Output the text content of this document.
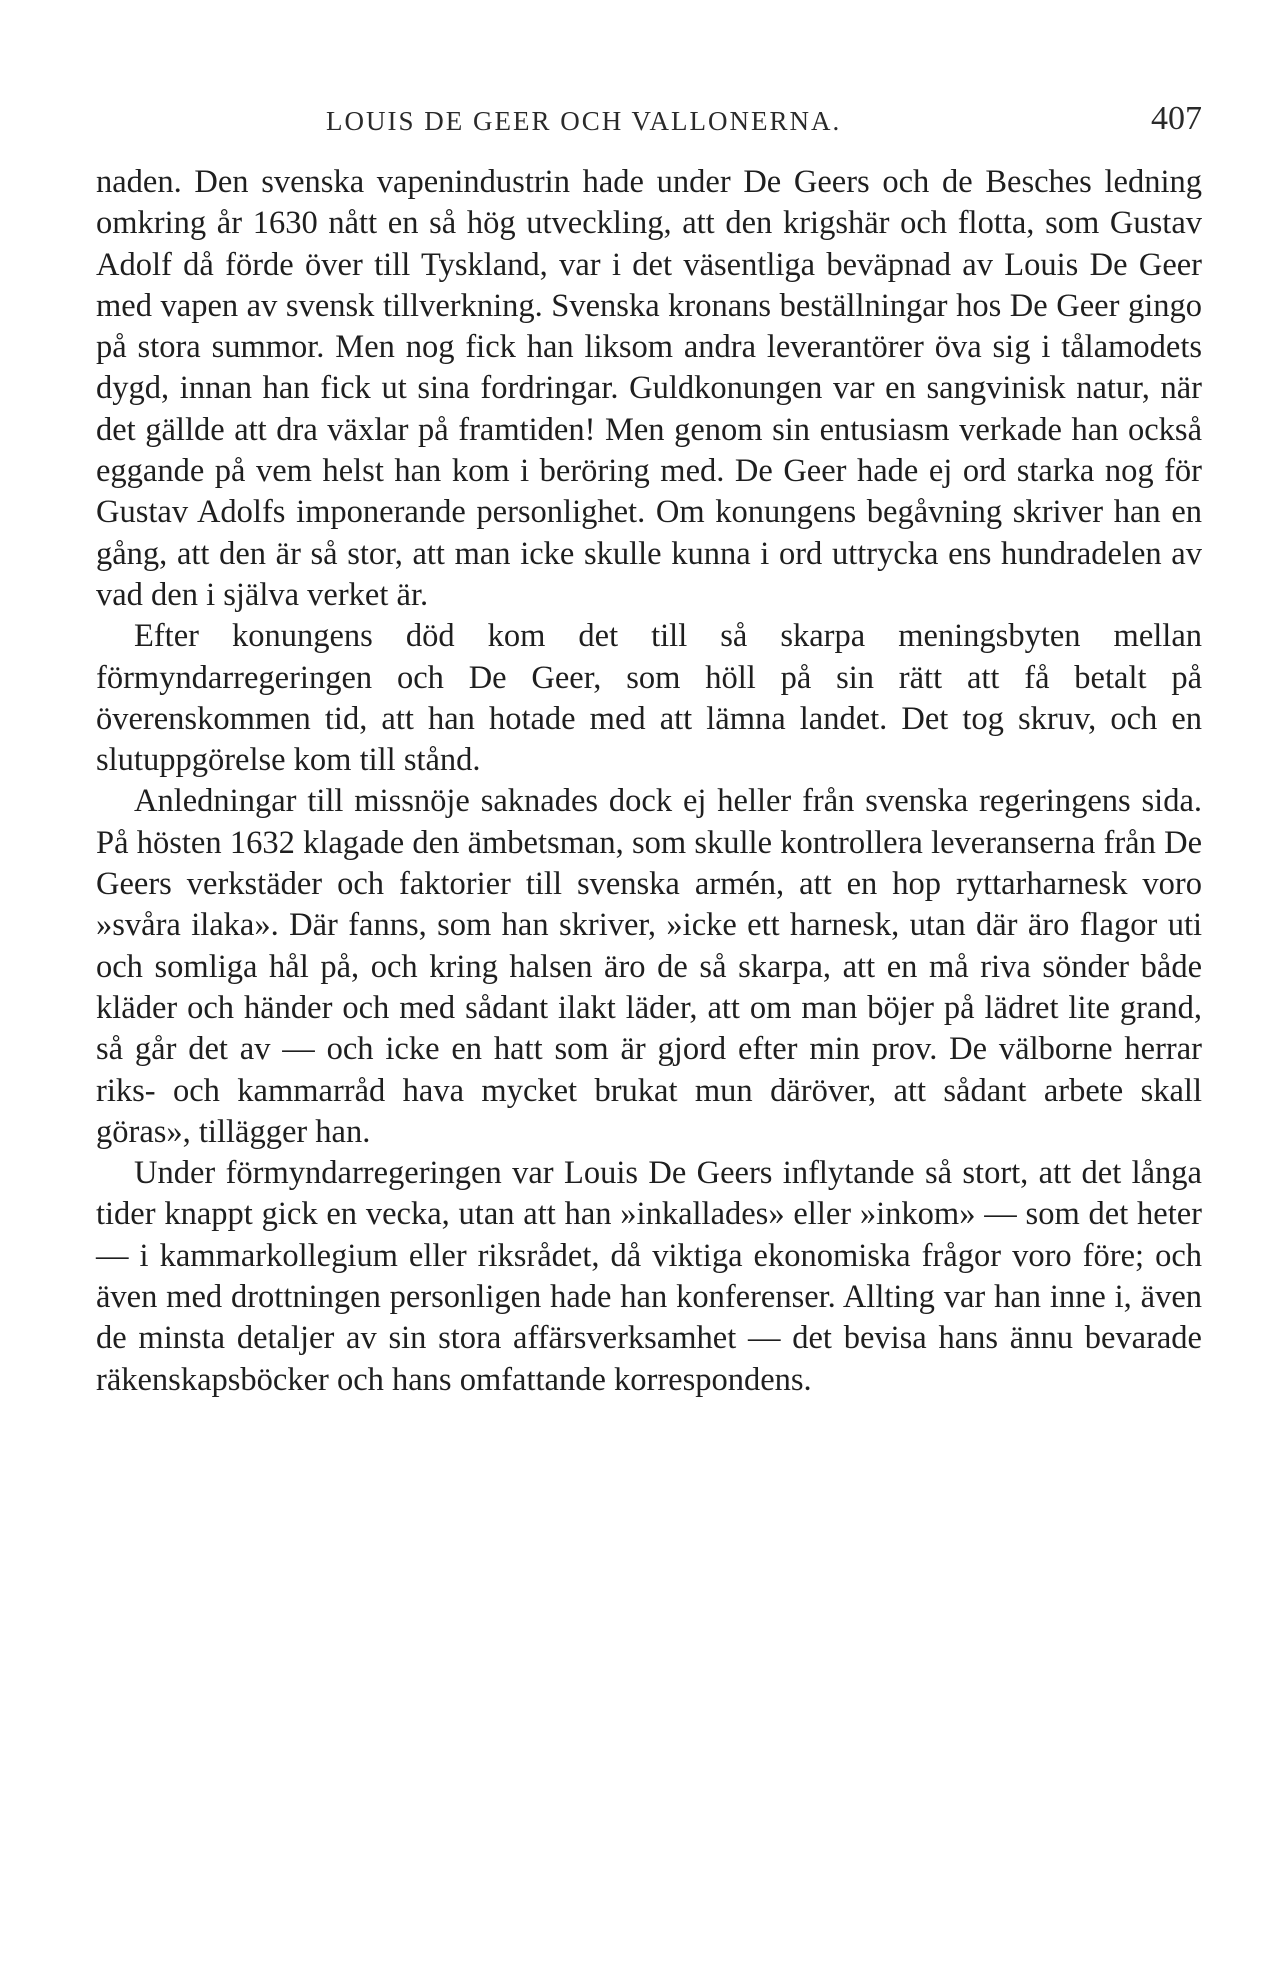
LOUIS DE GEER OCH VALLONERNA.	407

naden. Den svenska vapenindustrin hade under De Geers och de Besches ledning omkring år 1630 nått en så hög utveckling, att den krigshär och flotta, som Gustav Adolf då förde över till Tyskland, var i det väsentliga beväpnad av Louis De Geer med vapen av svensk tillverkning. Svenska kronans beställningar hos De Geer gingo på stora summor. Men nog fick han liksom andra leverantörer öva sig i tålamodets dygd, innan han fick ut sina fordringar. Guldkonungen var en sangvinisk natur, när det gällde att dra växlar på framtiden! Men genom sin entusiasm verkade han också eggande på vem helst han kom i beröring med. De Geer hade ej ord starka nog för Gustav Adolfs imponerande personlighet. Om konungens begåvning skriver han en gång, att den är så stor, att man icke skulle kunna i ord uttrycka ens hundradelen av vad den i själva verket är.

Efter konungens död kom det till så skarpa meningsbyten mellan förmyndarregeringen och De Geer, som höll på sin rätt att få betalt på överenskommen tid, att han hotade med att lämna landet. Det tog skruv, och en slutuppgörelse kom till stånd.

Anledningar till missnöje saknades dock ej heller från svenska regeringens sida. På hösten 1632 klagade den ämbetsman, som skulle kontrollera leveranserna från De Geers verkstäder och faktorier till svenska armén, att en hop ryttarharnesk voro »svåra ilaka». Där fanns, som han skriver, »icke ett harnesk, utan där äro flagor uti och somliga hål på, och kring halsen äro de så skarpa, att en må riva sönder både kläder och händer och med sådant ilakt läder, att om man böjer på lädret lite grand, så går det av — och icke en hatt som är gjord efter min prov. De välborne herrar riks- och kammarråd hava mycket brukat mun däröver, att sådant arbete skall göras», tillägger han.

Under förmyndarregeringen var Louis De Geers inflytande så stort, att det långa tider knappt gick en vecka, utan att han »inkallades» eller »inkom» — som det heter — i kammarkollegium eller riksrådet, då viktiga ekonomiska frågor voro före; och även med drottningen personligen hade han konferenser. Allting var han inne i, även de minsta detaljer av sin stora affärsverksamhet — det bevisa hans ännu bevarade räkenskapsböcker och hans omfattande korrespondens.
